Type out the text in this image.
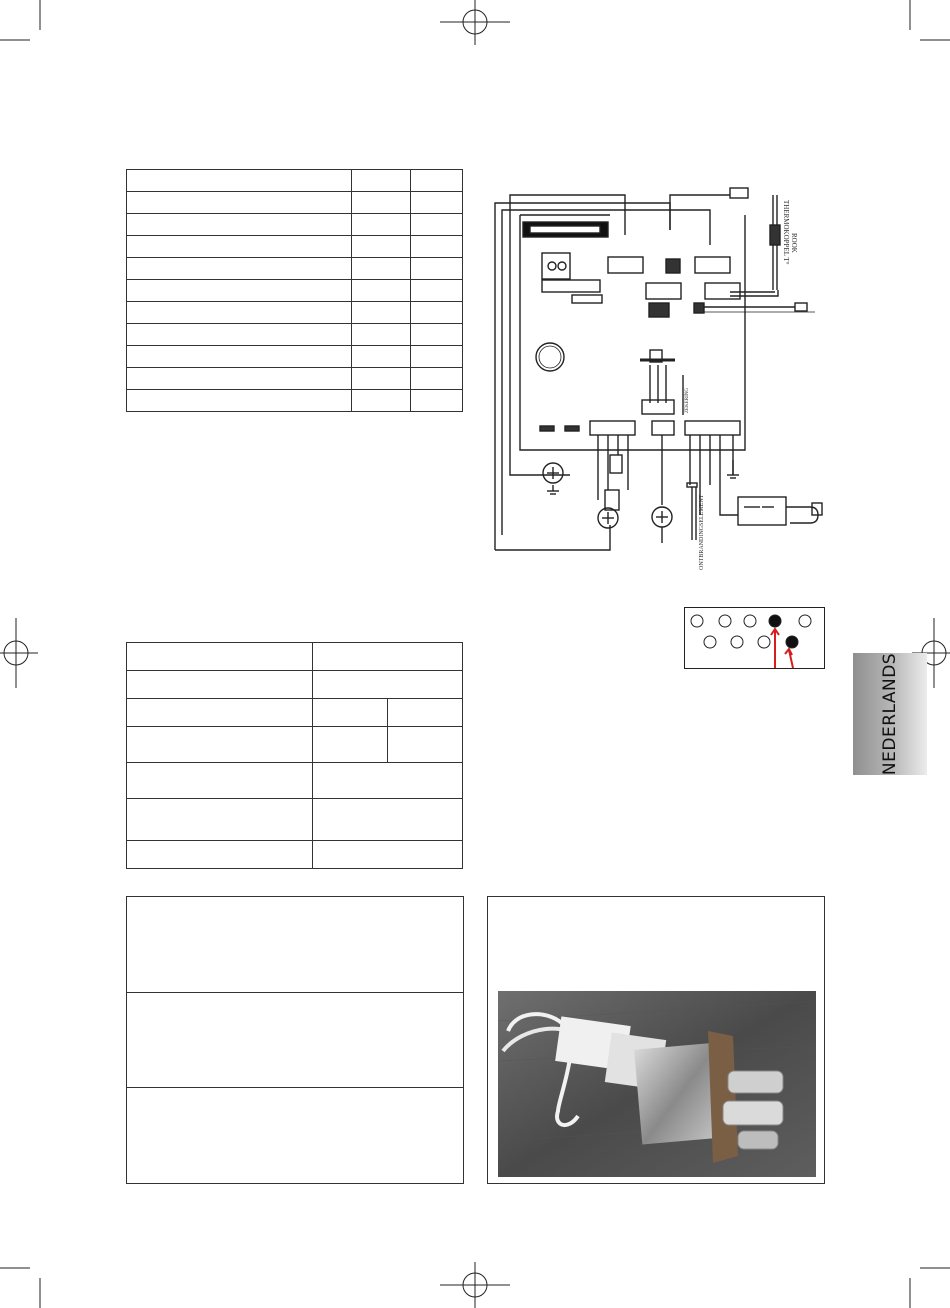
THERMOKOPPEL T° ROOK
ZEKERING
ONTBRANDINGSELEMENT

NEDERLANDS
